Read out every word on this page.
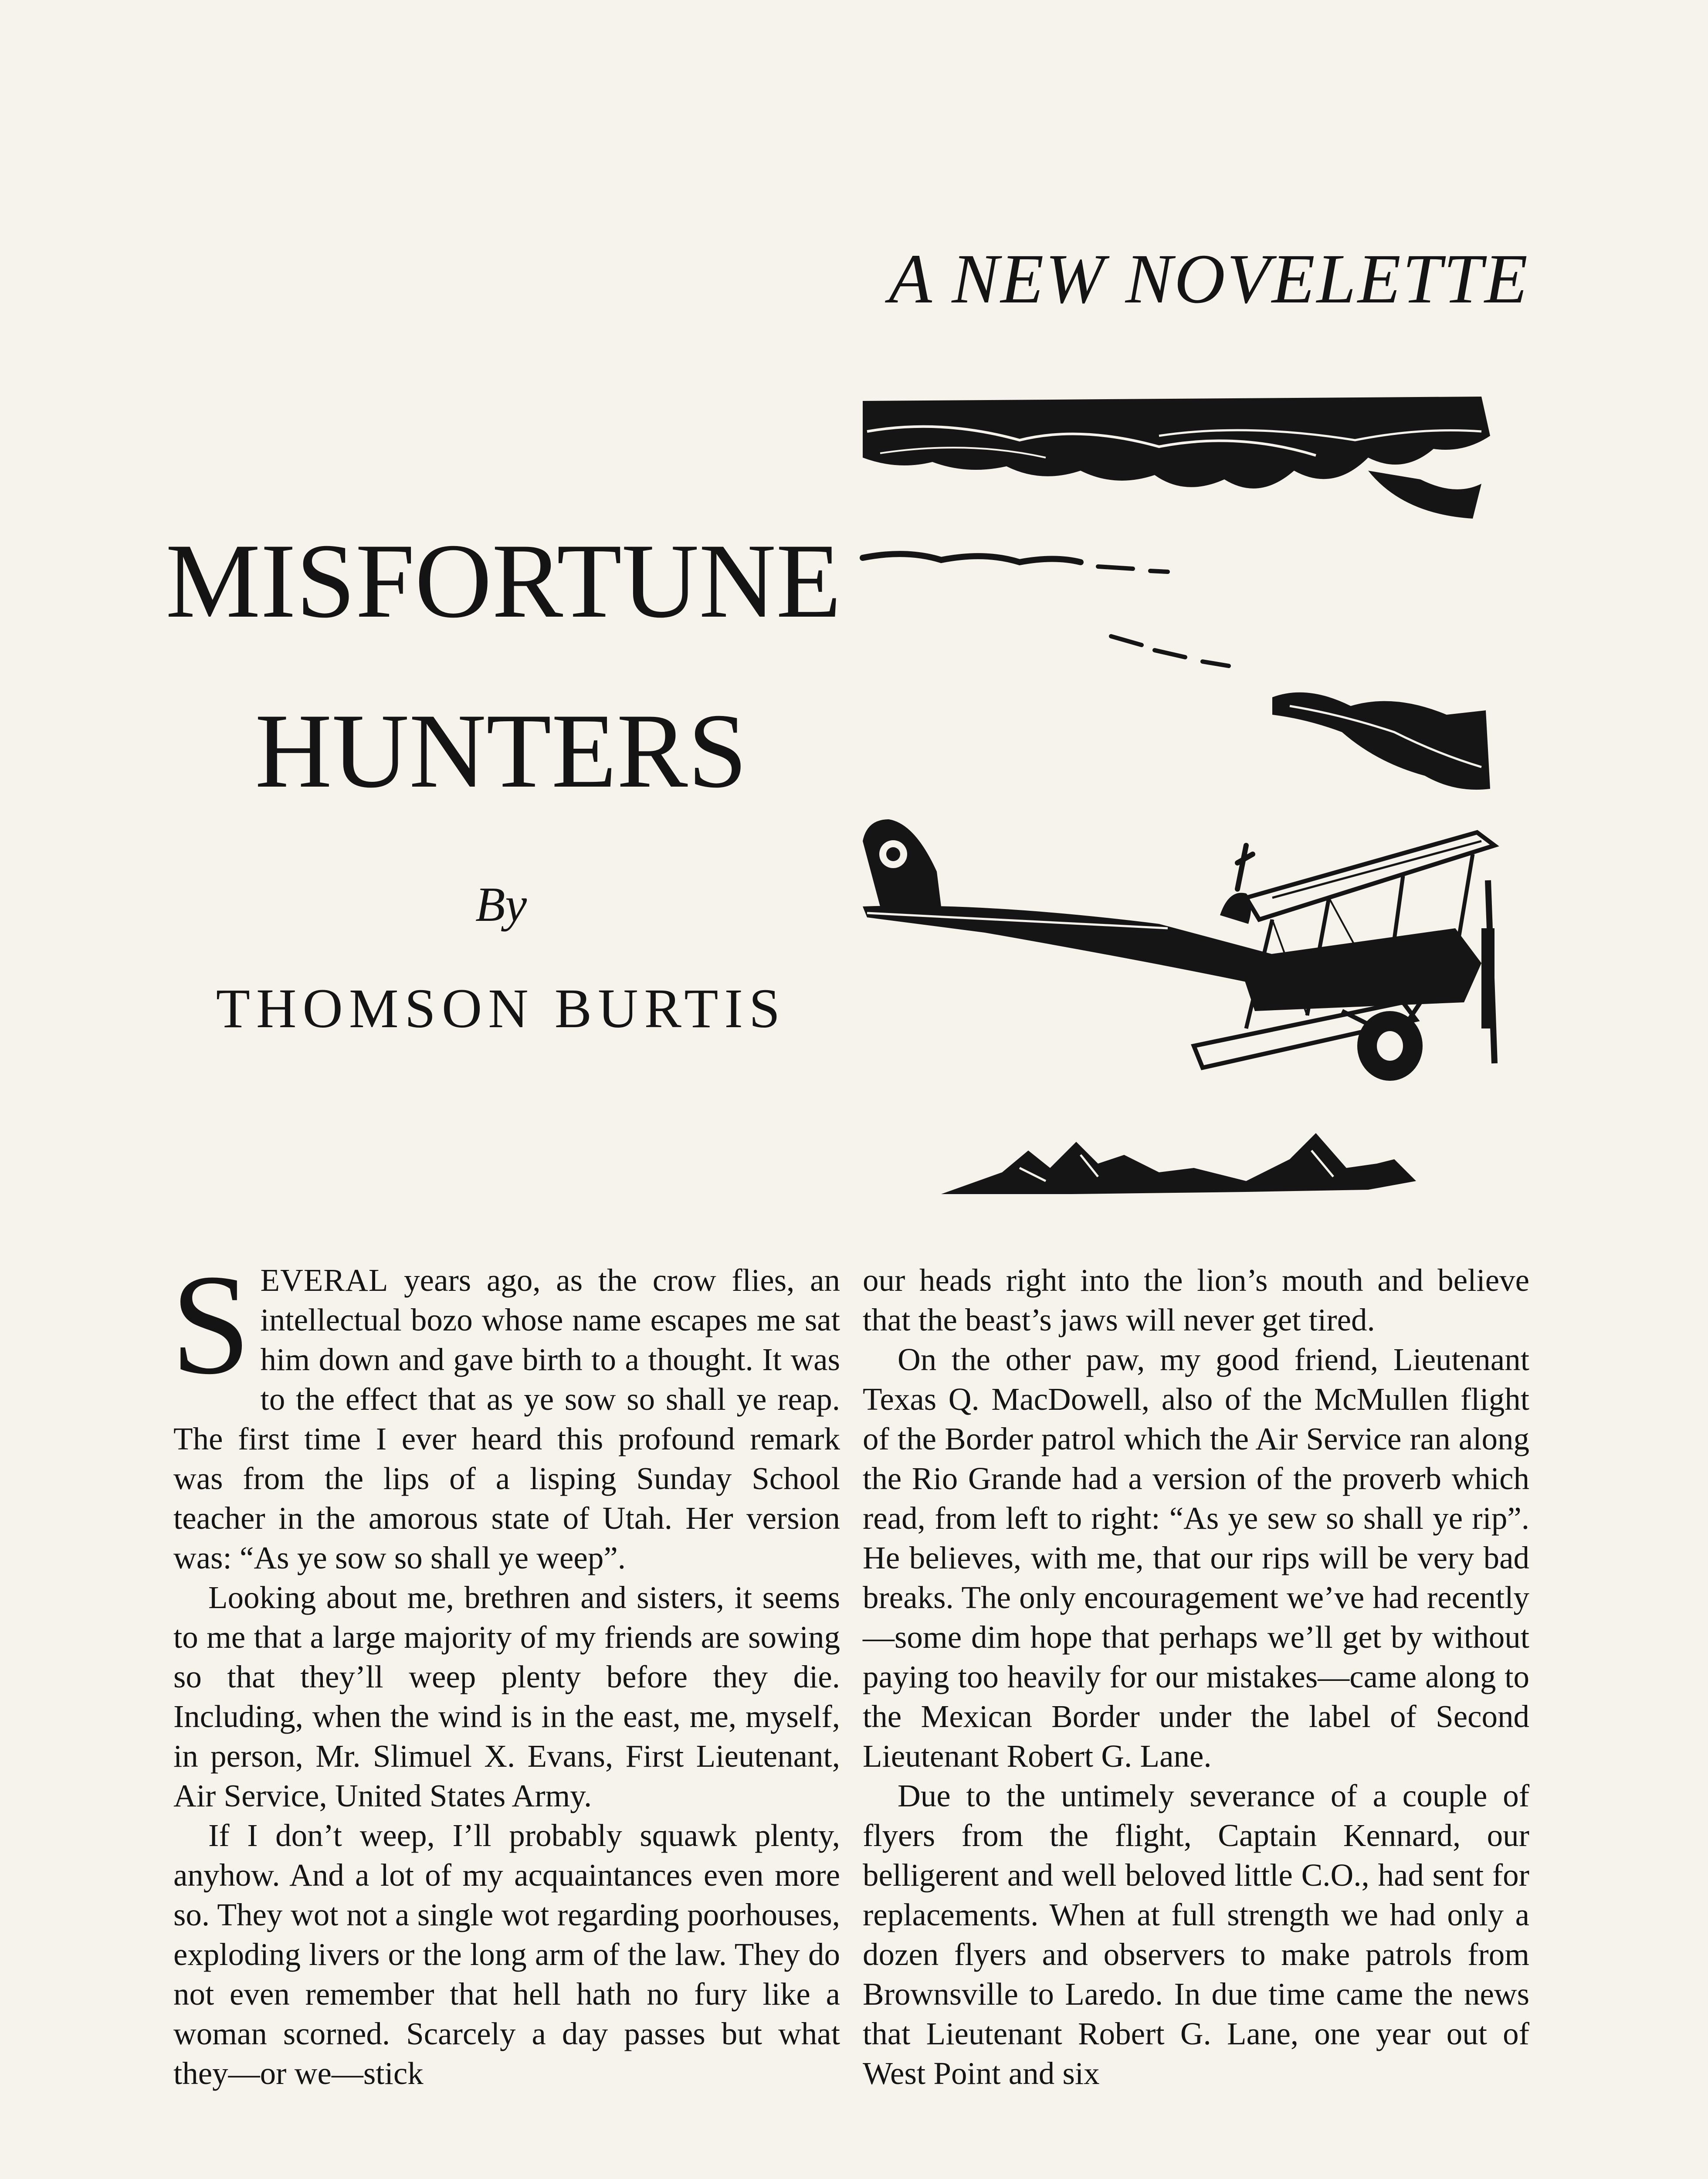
A NEW NOVELETTE
MISFORTUNE
HUNTERS
By
THOMSON BURTIS

SEVERAL years ago, as the crow flies, an intellectual bozo whose name escapes me sat him down and gave birth to a thought. It was to the effect that as ye sow so shall ye reap. The first time I ever heard this profound remark was from the lips of a lisping Sunday School teacher in the amorous state of Utah. Her version was: “As ye sow so shall ye weep”.

Looking about me, brethren and sisters, it seems to me that a large majority of my friends are sowing so that they’ll weep plenty before they die. Including, when the wind is in the east, me, myself, in person, Mr. Slimuel X. Evans, First Lieutenant, Air Service, United States Army.

If I don’t weep, I’ll probably squawk plenty, anyhow. And a lot of my acquaintances even more so. They wot not a single wot regarding poorhouses, exploding livers or the long arm of the law. They do not even remember that hell hath no fury like a woman scorned. Scarcely a day passes but what they—or we—stick

our heads right into the lion’s mouth and believe that the beast’s jaws will never get tired.

On the other paw, my good friend, Lieutenant Texas Q. MacDowell, also of the McMullen flight of the Border patrol which the Air Service ran along the Rio Grande had a version of the proverb which read, from left to right: “As ye sew so shall ye rip”. He believes, with me, that our rips will be very bad breaks. The only encouragement we’ve had recently—some dim hope that perhaps we’ll get by without paying too heavily for our mistakes—came along to the Mexican Border under the label of Second Lieutenant Robert G. Lane.

Due to the untimely severance of a couple of flyers from the flight, Captain Kennard, our belligerent and well beloved little C.O., had sent for replacements. When at full strength we had only a dozen flyers and observers to make patrols from Brownsville to Laredo. In due time came the news that Lieutenant Robert G. Lane, one year out of West Point and six
